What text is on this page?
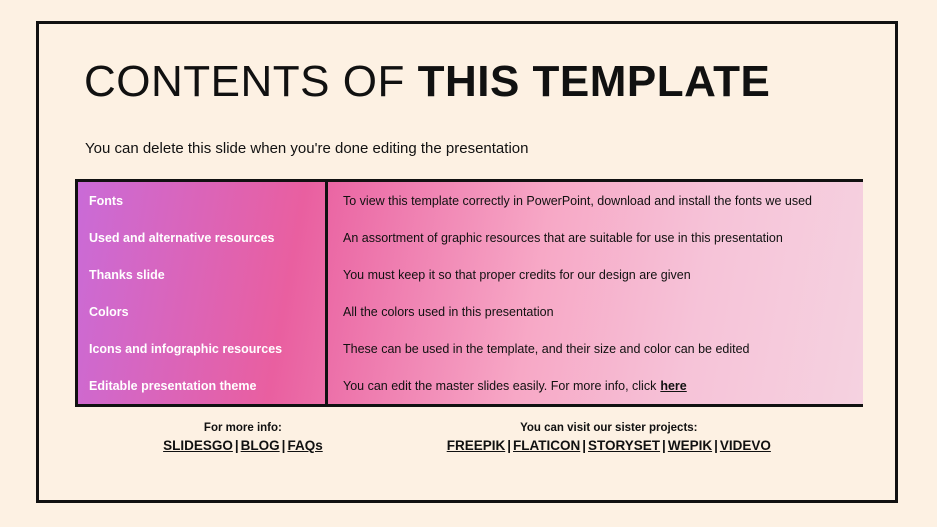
CONTENTS OF THIS TEMPLATE
You can delete this slide when you're done editing the presentation
Fonts	To view this template correctly in PowerPoint, download and install the fonts we used
Used and alternative resources	An assortment of graphic resources that are suitable for use in this presentation
Thanks slide	You must keep it so that proper credits for our design are given
Colors	All the colors used in this presentation
Icons and infographic resources	These can be used in the template, and their size and color can be edited
Editable presentation theme	You can edit the master slides easily. For more info, click here
For more info:
SLIDESGO | BLOG | FAQs
You can visit our sister projects:
FREEPIK | FLATICON | STORYSET | WEPIK | VIDEVO
